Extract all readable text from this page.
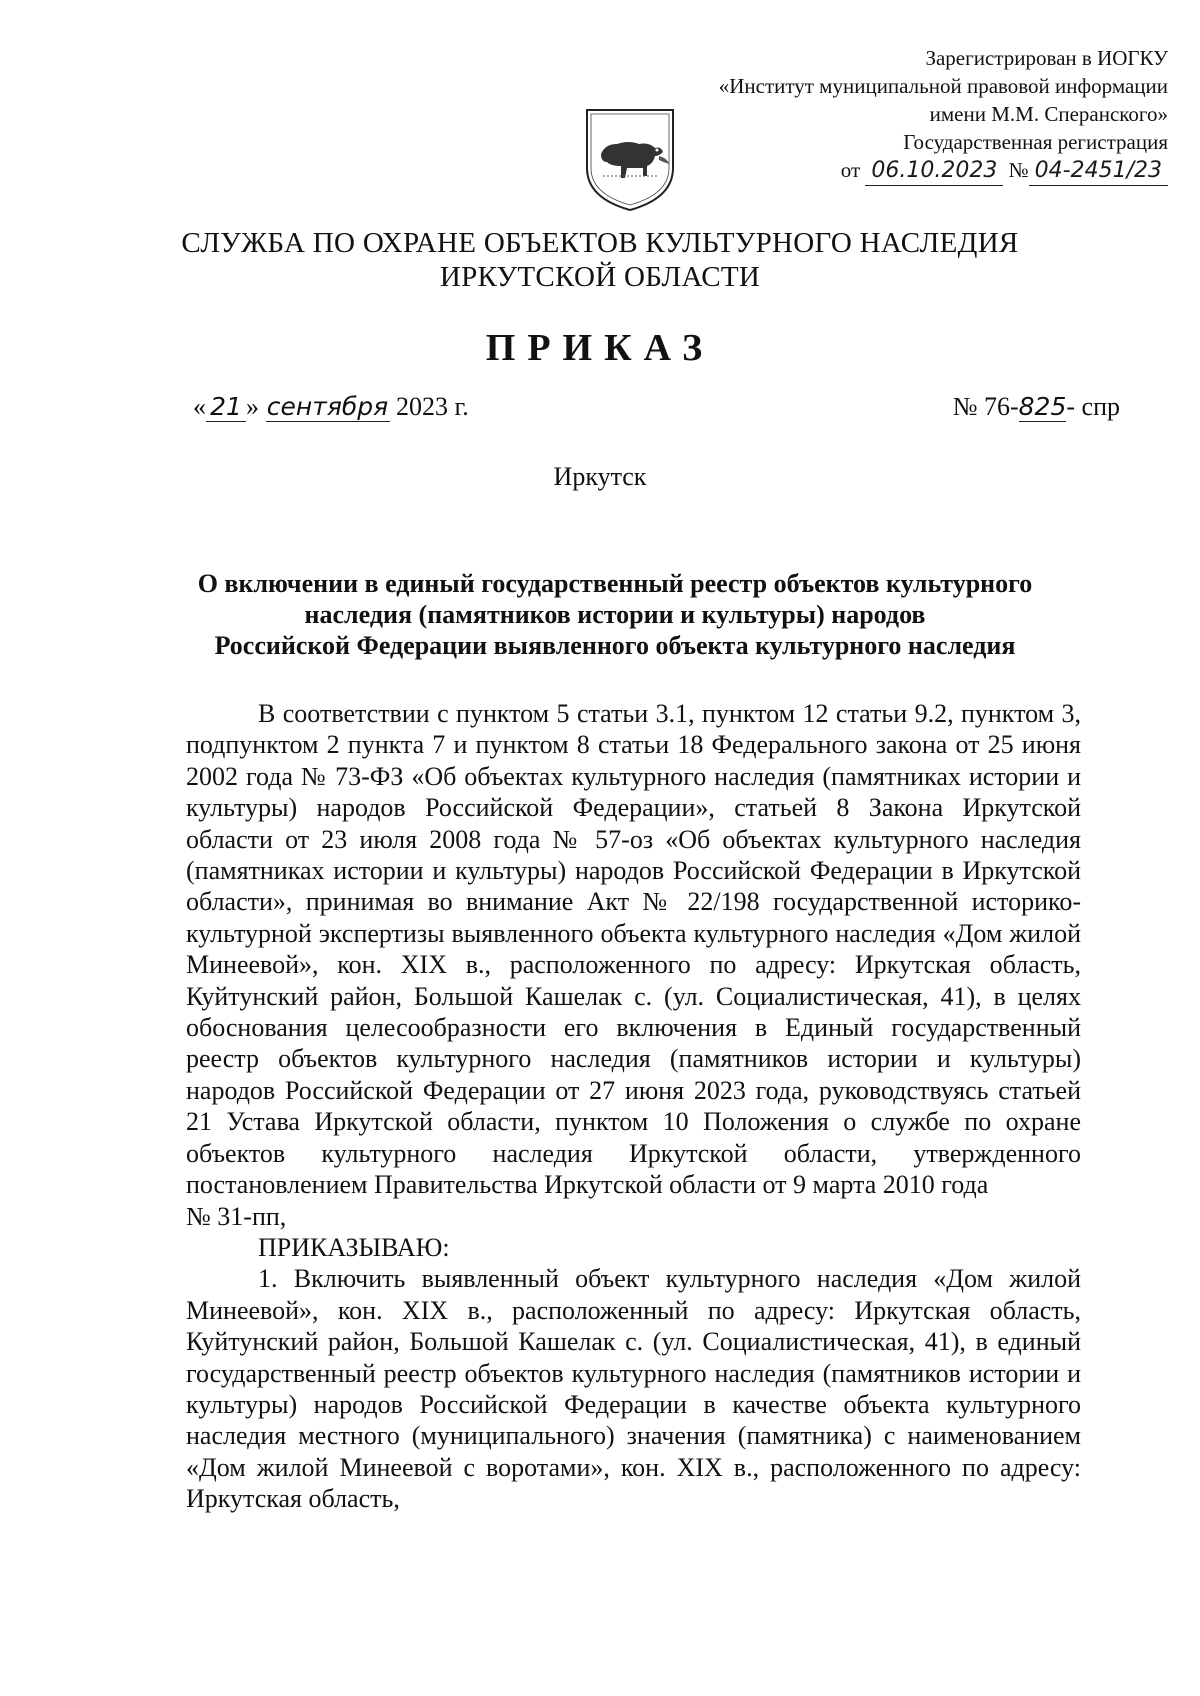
Зарегистрирован в ИОГКУ
«Институт муниципальной правовой информации
имени М.М. Сперанского»
Государственная регистрация
от 06.10.2023 № 04-2451/23
СЛУЖБА ПО ОХРАНЕ ОБЪЕКТОВ КУЛЬТУРНОГО НАСЛЕДИЯ
ИРКУТСКОЙ ОБЛАСТИ
ПРИКАЗ
« 21 » сентября 2023 г.	№ 76-825- спр
Иркутск
О включении в единый государственный реестр объектов культурного
наследия (памятников истории и культуры) народов
Российской Федерации выявленного объекта культурного наследия

В соответствии с пунктом 5 статьи 3.1, пунктом 12 статьи 9.2, пунктом 3, подпунктом 2 пункта 7 и пунктом 8 статьи 18 Федерального закона от 25 июня 2002 года № 73-ФЗ «Об объектах культурного наследия (памятниках истории и культуры) народов Российской Федерации», статьей 8 Закона Иркутской области от 23 июля 2008 года № 57-оз «Об объектах культурного наследия (памятниках истории и культуры) народов Российской Федерации в Иркутской области», принимая во внимание Акт № 22/198 государственной историко-культурной экспертизы выявленного объекта культурного наследия «Дом жилой Минеевой», кон. XIX в., расположенного по адресу: Иркутская область, Куйтунский район, Большой Кашелак с. (ул. Социалистическая, 41), в целях обоснования целесообразности его включения в Единый государственный реестр объектов культурного наследия (памятников истории и культуры) народов Российской Федерации от 27 июня 2023 года, руководствуясь статьей 21 Устава Иркутской области, пунктом 10 Положения о службе по охране объектов культурного наследия Иркутской области, утвержденного постановлением Правительства Иркутской области от 9 марта 2010 года

№ 31-пп,

ПРИКАЗЫВАЮ:

1. Включить выявленный объект культурного наследия «Дом жилой Минеевой», кон. XIX в., расположенный по адресу: Иркутская область, Куйтунский район, Большой Кашелак с. (ул. Социалистическая, 41), в единый государственный реестр объектов культурного наследия (памятников истории и культуры) народов Российской Федерации в качестве объекта культурного наследия местного (муниципального) значения (памятника) с наименованием «Дом жилой Минеевой с воротами», кон. XIX в., расположенного по адресу: Иркутская область,
